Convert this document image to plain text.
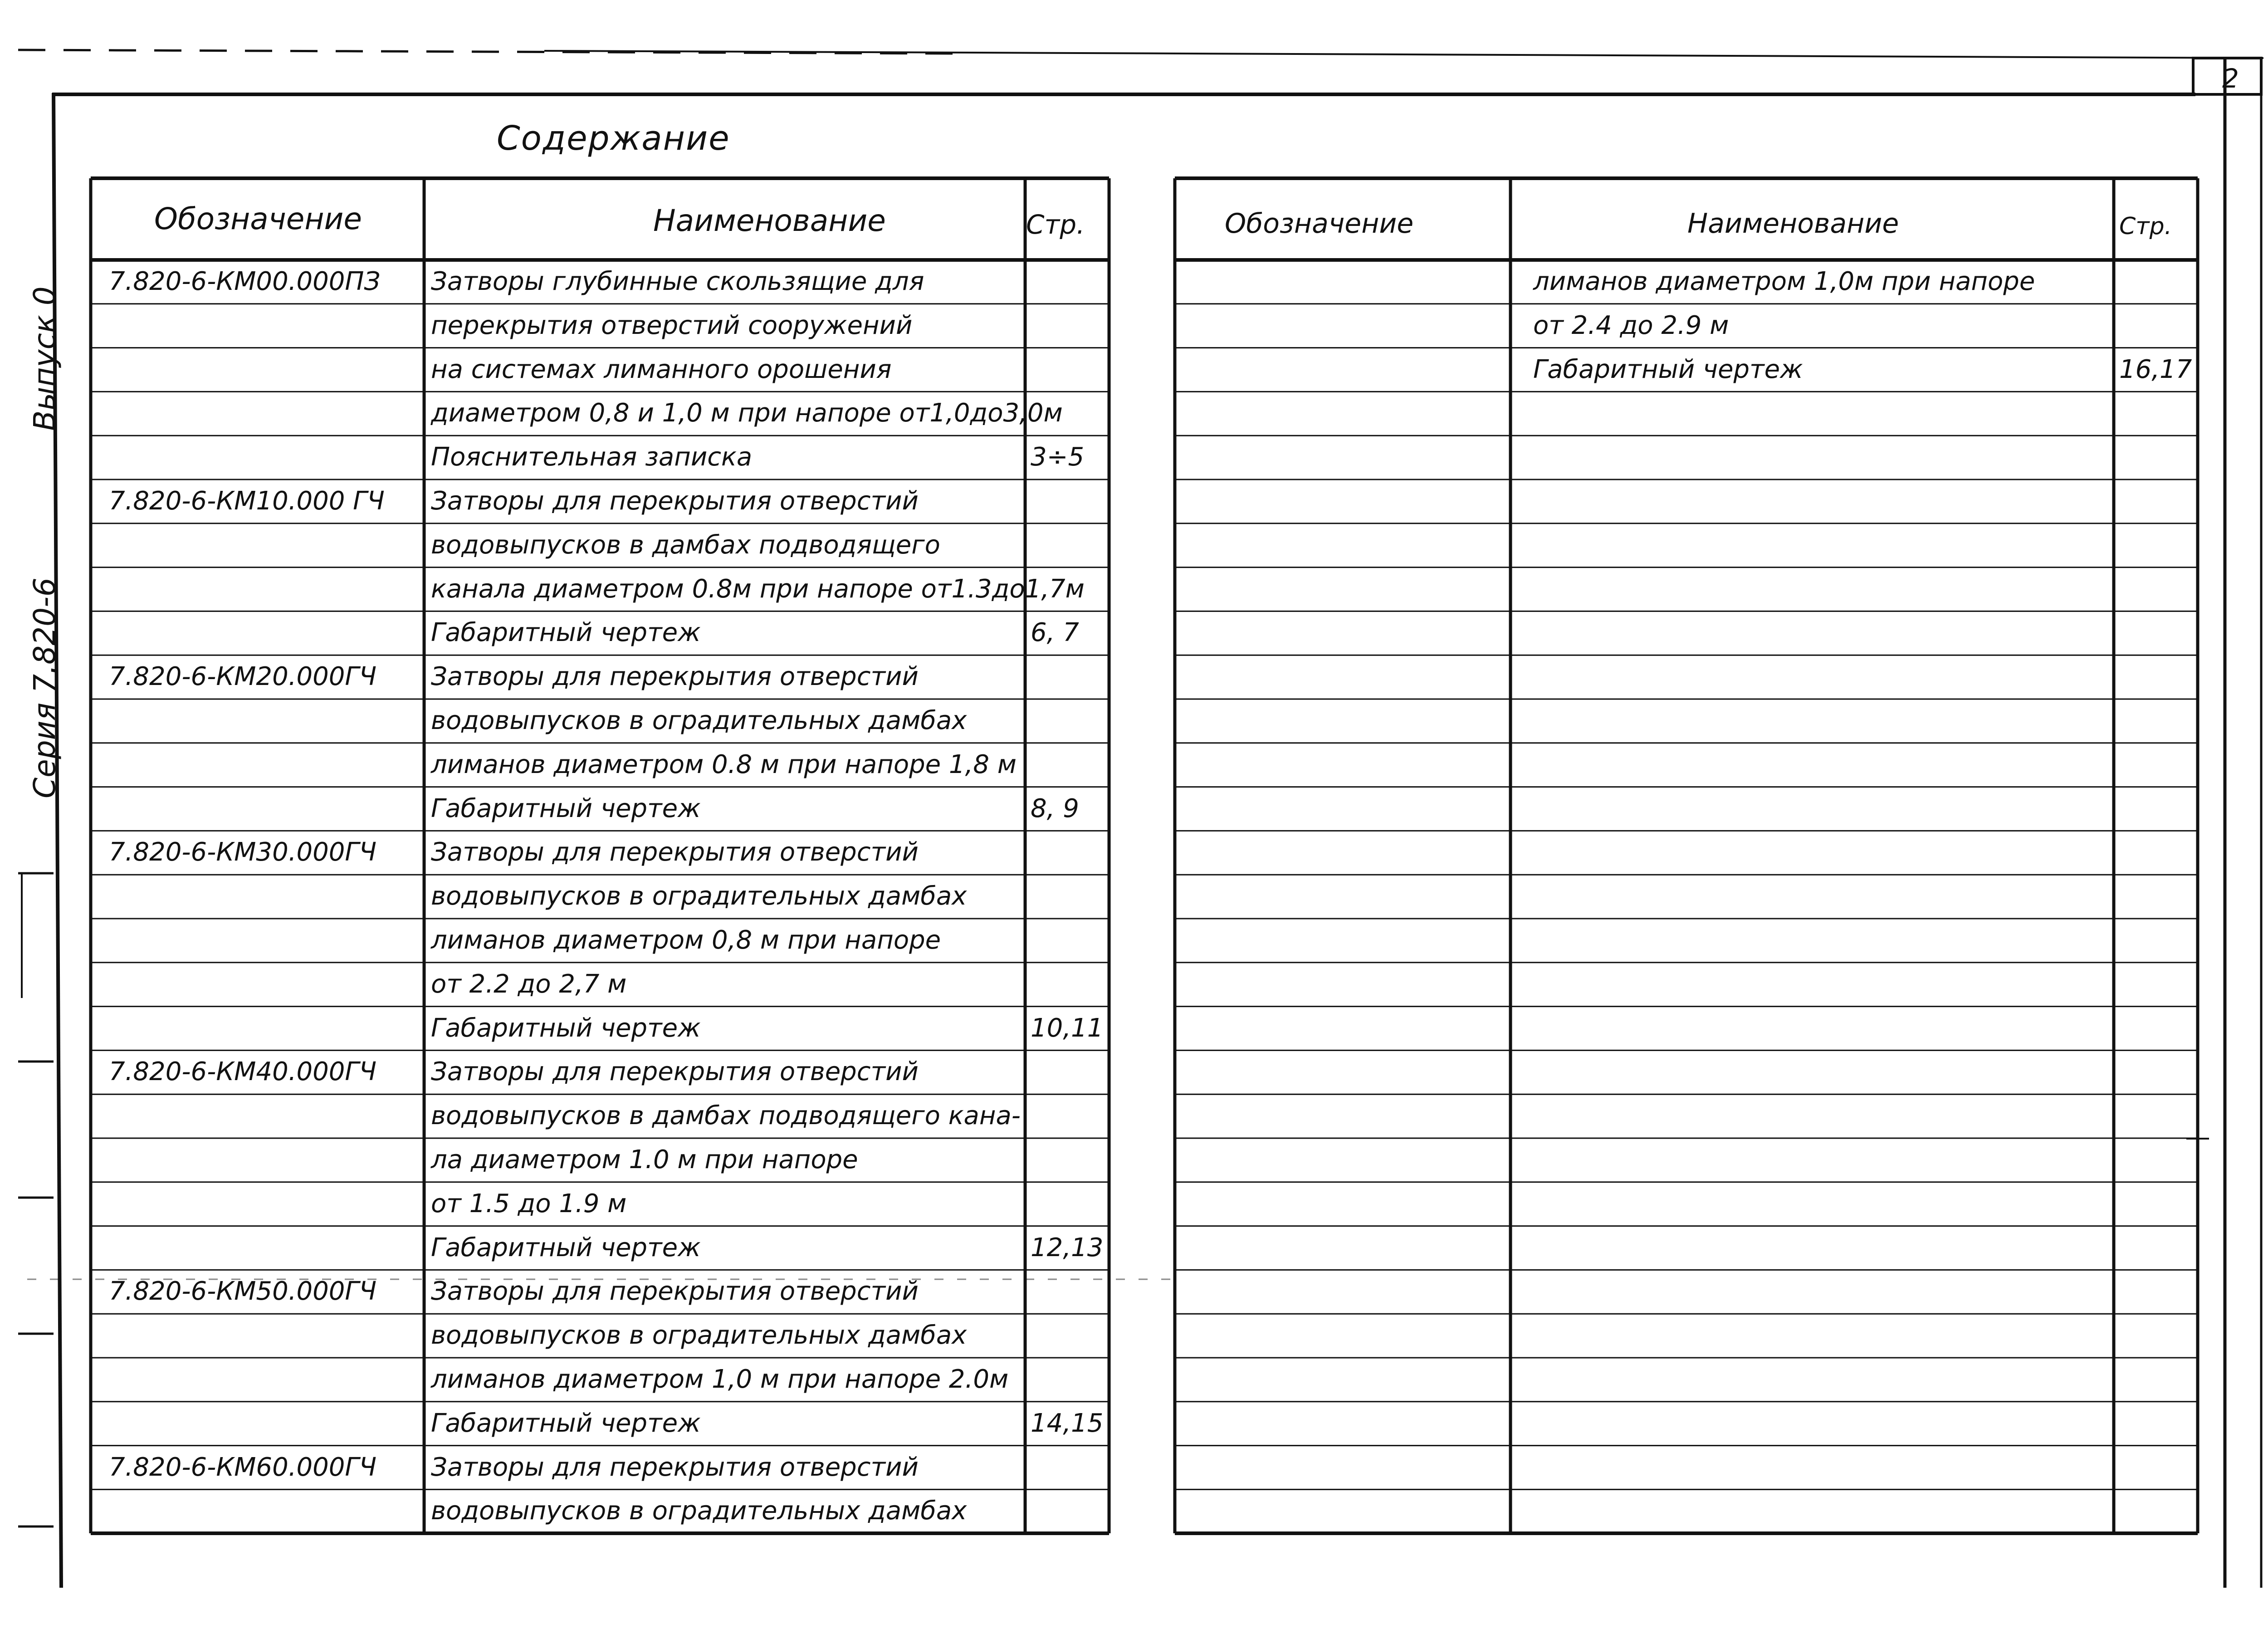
2
Серия 7.820-6
Выпуск 0
Содержание
Обозначение	Наименование	Стр.	Обозначение	Наименование	Стр.
7.820-6-КМ00.000ПЗ Затворы глубинные скользящие для
перекрытия отверстий сооружений
на системах лиманного орошения
диаметром 0,8 и 1,0 м при напоре от1,0до3,0м
Пояснительная записка	3÷5
7.820-6-КМ10.000 ГЧ Затворы для перекрытия отверстий
водовыпусков в дамбах подводящего
канала диаметром 0.8м при напоре от1.3до1,7м
Габаритный чертеж	6, 7
7.820-6-КМ20.000ГЧ Затворы для перекрытия отверстий
водовыпусков в оградительных дамбах
лиманов диаметром 0.8 м при напоре 1,8 м
Габаритный чертеж	8, 9
7.820-6-КМ30.000ГЧ Затворы для перекрытия отверстий
водовыпусков в оградительных дамбах
лиманов диаметром 0,8 м при напоре
от 2.2 до 2,7 м
Габаритный чертеж	10,11
7.820-6-КМ40.000ГЧ Затворы для перекрытия отверстий
водовыпусков в дамбах подводящего кана-
ла диаметром 1.0 м при напоре
от 1.5 до 1.9 м
Габаритный чертеж	12,13
7.820-6-КМ50.000ГЧ Затворы для перекрытия отверстий
водовыпусков в оградительных дамбах
лиманов диаметром 1,0 м при напоре 2.0м
Габаритный чертеж	14,15
7.820-6-КМ60.000ГЧ Затворы для перекрытия отверстий
водовыпусков в оградительных дамбах
лиманов диаметром 1,0м при напоре
от 2.4 до 2.9 м
Габаритный чертеж	16,17
